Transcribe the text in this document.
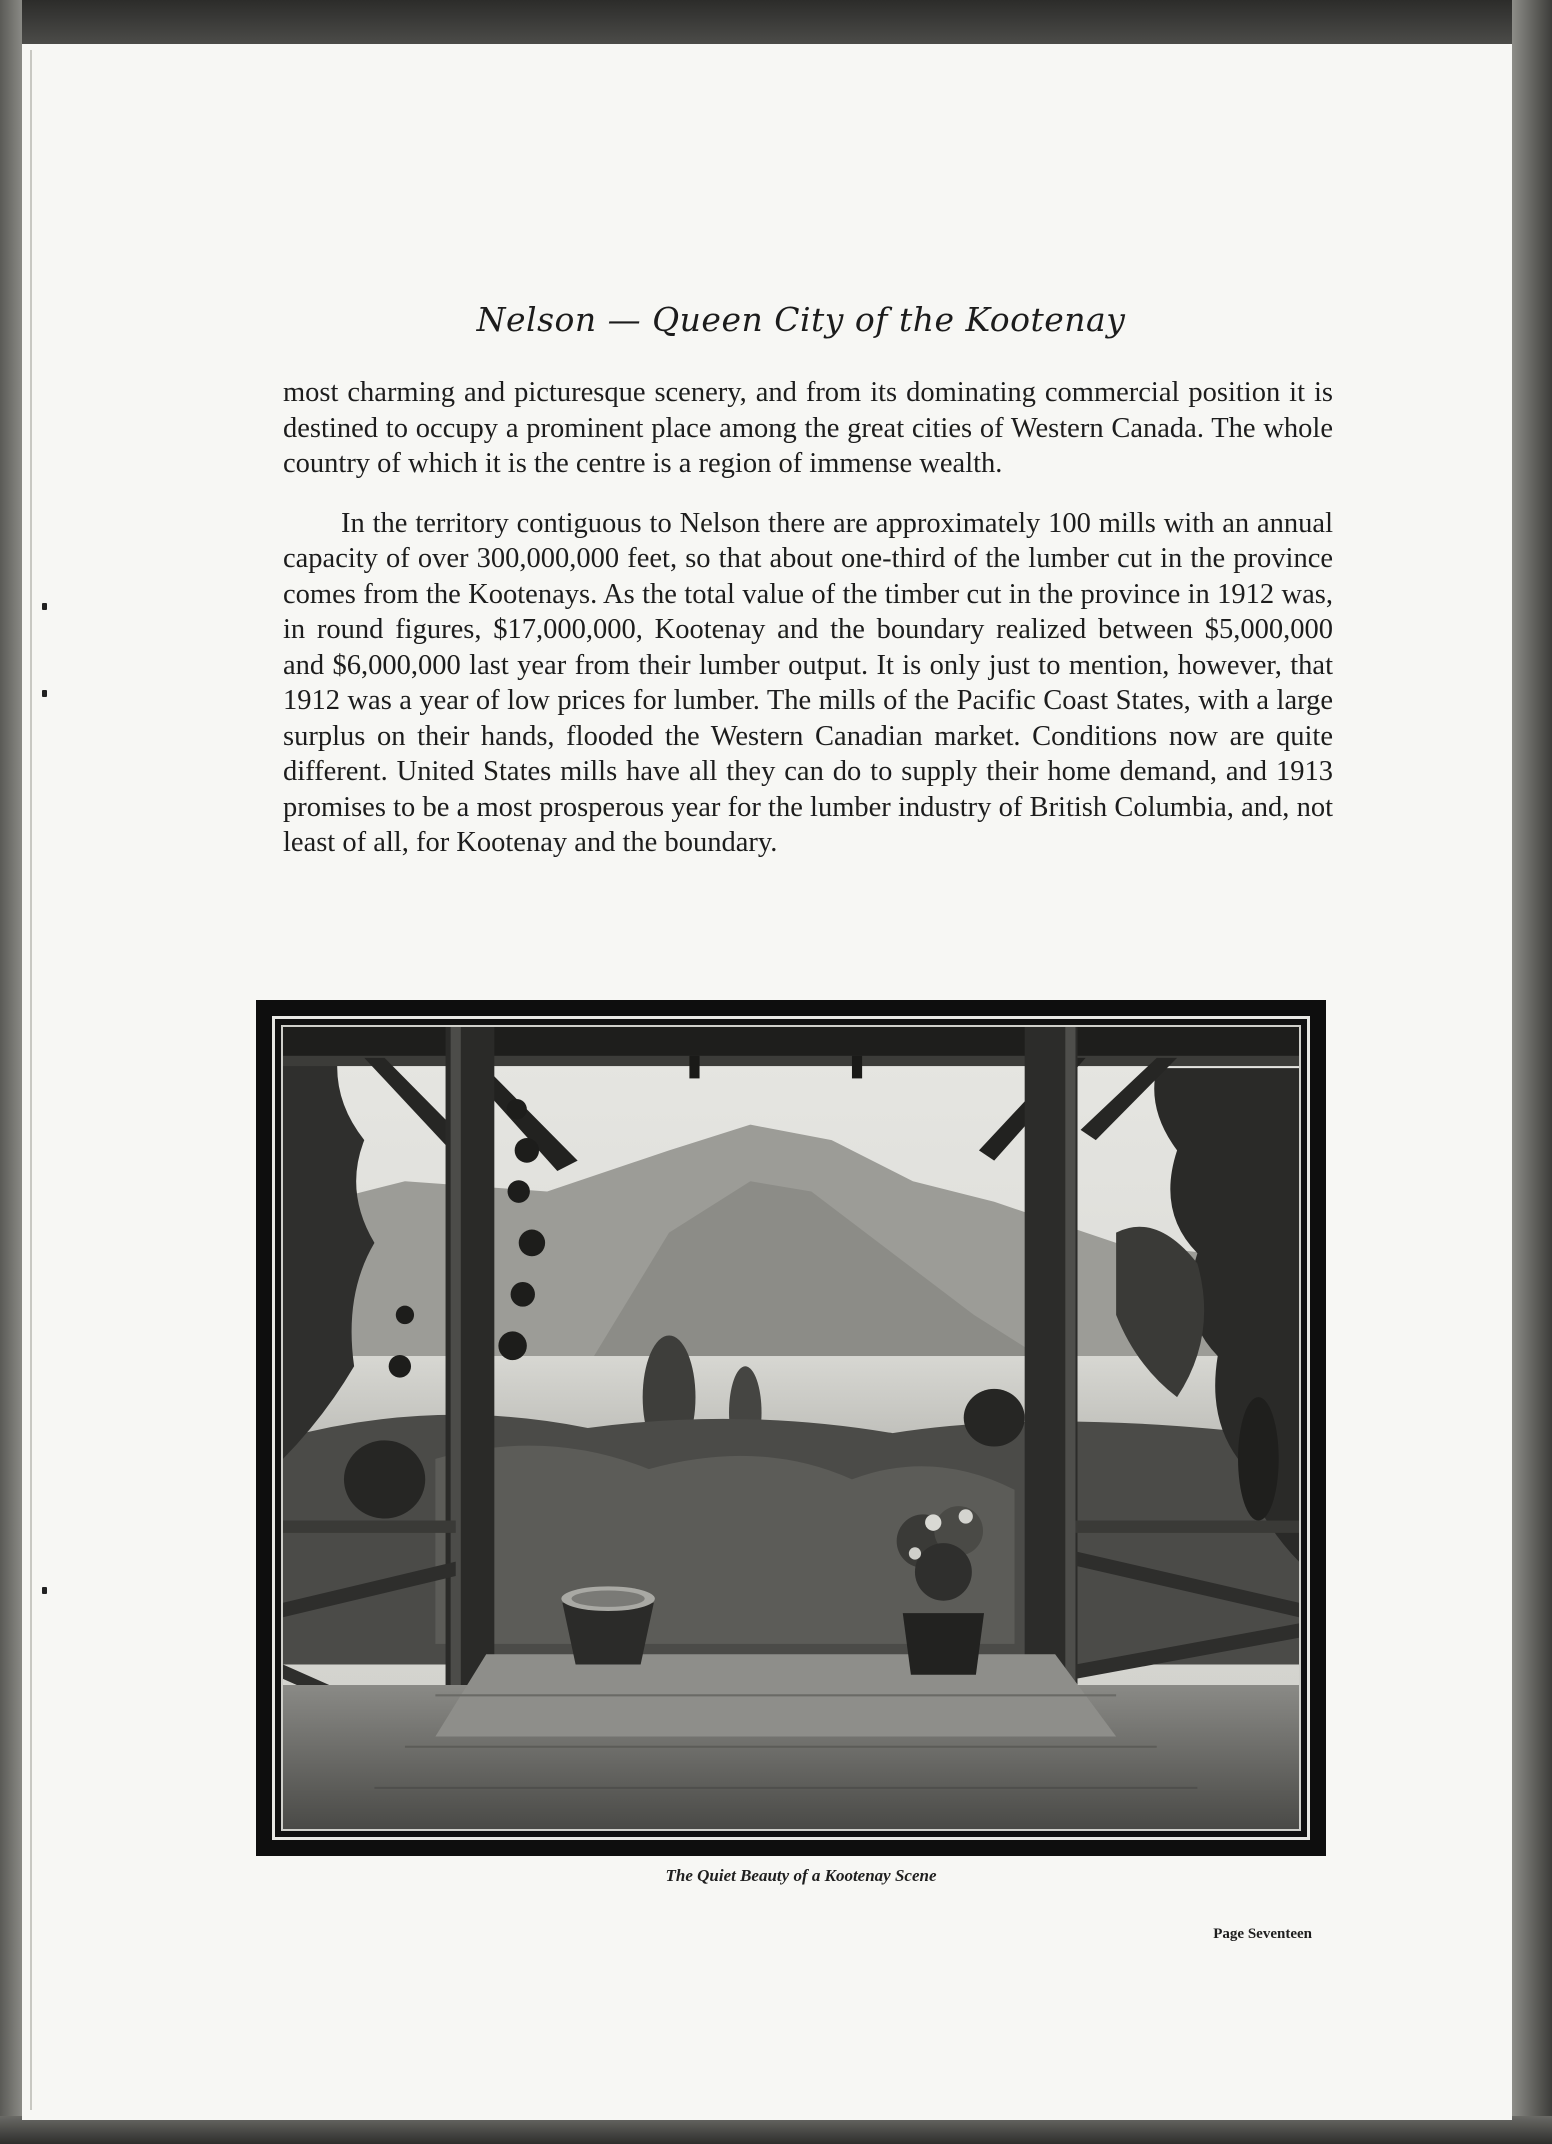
Nelson — Queen City of the Kootenay

most charming and picturesque scenery, and from its dominating commercial position it is destined to occupy a prominent place among the great cities of Western Canada. The whole country of which it is the centre is a region of immense wealth.

In the territory contiguous to Nelson there are approximately 100 mills with an annual capacity of over 300,000,000 feet, so that about one-third of the lumber cut in the province comes from the Kootenays. As the total value of the timber cut in the province in 1912 was, in round figures, $17,000,000, Kootenay and the boundary realized between $5,000,000 and $6,000,000 last year from their lumber output. It is only just to mention, however, that 1912 was a year of low prices for lumber. The mills of the Pacific Coast States, with a large surplus on their hands, flooded the Western Canadian market. Conditions now are quite different. United States mills have all they can do to supply their home demand, and 1913 promises to be a most prosperous year for the lumber industry of British Columbia, and, not least of all, for Kootenay and the boundary.

The Quiet Beauty of a Kootenay Scene
Page Seventeen
